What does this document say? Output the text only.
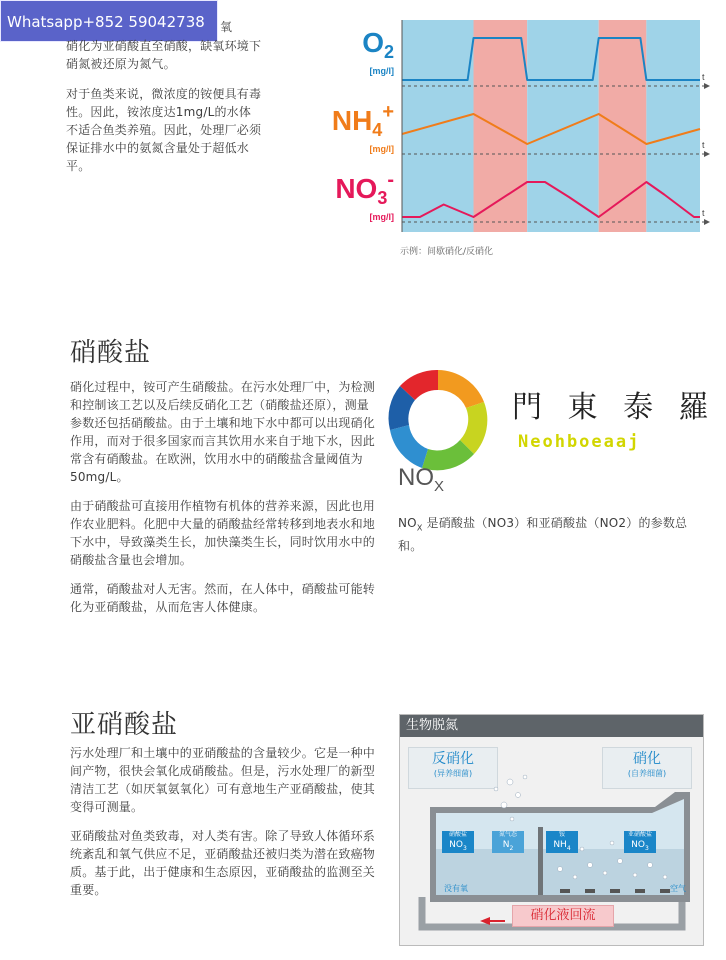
Whatsapp+852 59042738
硝化为亚硝酸直至硝酸，缺氧环境下
硝氮被还原为氮气。
氧
对于鱼类来说，微浓度的铵便具有毒性。因此，铵浓度达1mg/L的水体不适合鱼类养殖。因此，处理厂必须保证排水中的氨氮含量处于超低水平。
t
$O_2$
[mg/l]
t
$NH_4^+$
[mg/l]
t
$NO_3^-$
[mg/l]
示例：间歇硝化/反硝化
硝酸盐

硝化过程中，铵可产生硝酸盐。在污水处理厂中，为检测和控制该工艺以及后续反硝化工艺（硝酸盐还原），测量参数还包括硝酸盐。由于土壤和地下水中都可以出现硝化作用，而对于很多国家而言其饮用水来自于地下水，因此常含有硝酸盐。在欧洲，饮用水中的硝酸盐含量阈值为50mg/L。

由于硝酸盐可直接用作植物有机体的营养来源，因此也用作农业肥料。化肥中大量的硝酸盐经常转移到地表水和地下水中，导致藻类生长，加快藻类生长，同时饮用水中的硝酸盐含量也会增加。

通常，硝酸盐对人无害。然而，在人体中，硝酸盐可能转化为亚硝酸盐，从而危害人体健康。

$NO_X$
門 東 泰 羅
Neohboeaaj
$NO_X$ 是硝酸盐（NO3）和亚硝酸盐（NO2）的参数总和。
亚硝酸盐

污水处理厂和土壤中的亚硝酸盐的含量较少。它是一种中间产物，很快会氧化成硝酸盐。但是，污水处理厂的新型清洁工艺（如厌氧氨氧化）可有意地生产亚硝酸盐，使其变得可测量。

亚硝酸盐对鱼类致毒，对人类有害。除了导致人体循环系统紊乱和氧气供应不足，亚硝酸盐还被归类为潜在致癌物质。基于此，出于健康和生态原因，亚硝酸盐的监测至关重要。

生物脱氮
反硝化
(异养细菌)
硝化
(自养细菌)
硝酸盐
$NO_3$
氮气态
$N_2$
铵
$NH_4$
亚硝酸盐
$NO_3$
没有氧	空气
硝化液回流
